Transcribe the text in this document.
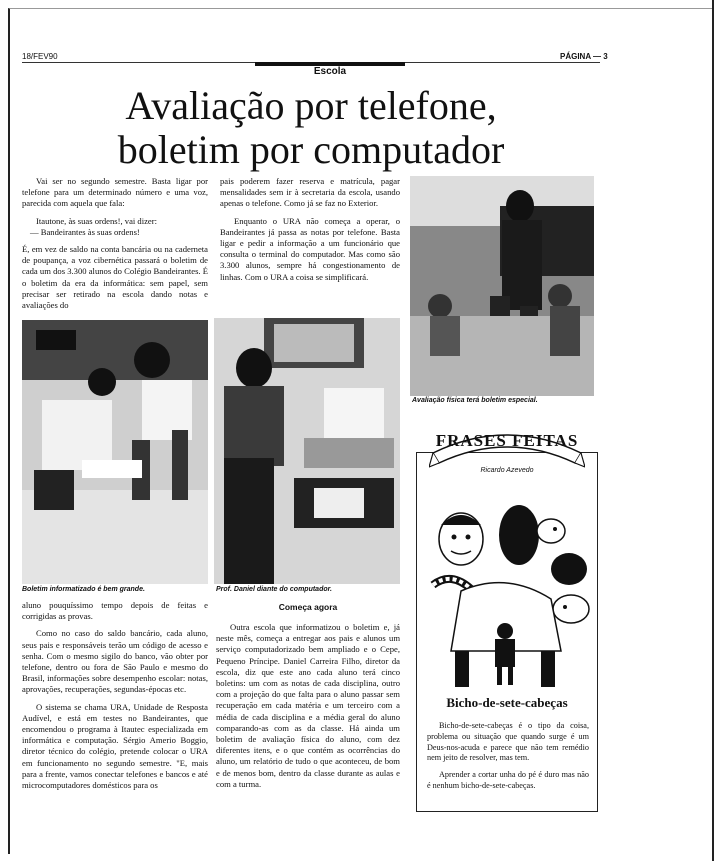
18/FEV90	PÁGINA — 3
Escola
Avaliação por telefone,
boletim por computador

Vai ser no segundo semestre. Basta ligar por telefone para um determinado número e uma voz, parecida com aquela que fala:

Itautone, às suas ordens!, vai dizer:

— Bandeirantes às suas ordens!

É, em vez de saldo na conta bancária ou na caderneta de poupança, a voz cibernética passará o boletim de cada um dos 3.300 alunos do Colégio Bandeirantes. É o boletim da era da informática: sem papel, sem precisar ser retirado na escola dando notas e avaliações do

pais poderem fazer reserva e matrícula, pagar mensalidades sem ir à secretaria da escola, usando apenas o telefone. Como já se faz no Exterior.

Enquanto o URA não começa a operar, o Bandeirantes já passa as notas por telefone. Basta ligar e pedir a informação a um funcionário que consulta o terminal do computador. Mas como são 3.300 alunos, sempre há congestionamento de linhas. Com o URA a coisa se simplificará.

Avaliação física terá boletim especial.
Boletim informatizado é bem grande.	Prof. Daniel diante do computador.

aluno pouquíssimo tempo depois de feitas e corrigidas as provas.

Como no caso do saldo bancário, cada aluno, seus pais e responsáveis terão um código de acesso e senha. Com o mesmo sigilo do banco, vão obter por telefone, dentro ou fora de São Paulo e mesmo do Brasil, informações sobre desempenho escolar: notas, aprovações, recuperações, segundas-épocas etc.

O sistema se chama URA, Unidade de Resposta Audível, e está em testes no Bandeirantes, que encomendou o programa à Itautec especializada em informática e computação. Sérgio Amerio Boggio, diretor técnico do colégio, pretende colocar o URA em funcionamento no segundo semestre. "E, mais para a frente, vamos conectar telefones e bancos e até microcomputadores domésticos para os

Começa agora

Outra escola que informatizou o boletim e, já neste mês, começa a entregar aos pais e alunos um serviço computadorizado bem ampliado e o Cepe, Pequeno Príncipe. Daniel Carreira Filho, diretor da escola, diz que este ano cada aluno terá cinco boletins: um com as notas de cada disciplina, outro com a projeção do que falta para o aluno passar sem recuperação em cada matéria e um terceiro com a média de cada disciplina e a média geral do aluno comparando-as com as da classe. Há ainda um boletim de avaliação física do aluno, com dez diferentes itens, e o que contém as ocorrências do aluno, um relatório de tudo o que aconteceu, de bom e de menos bom, dentro da classe durante as aulas e com a turma.

FRASES FEITAS
Ricardo Azevedo
Bicho-de-sete-cabeças

Bicho-de-sete-cabeças é o tipo da coisa, problema ou situação que quando surge é um Deus-nos-acuda e parece que não tem remédio nem jeito de resolver, mas tem.

Aprender a cortar unha do pé é duro mas não é nenhum bicho-de-sete-cabeças.
